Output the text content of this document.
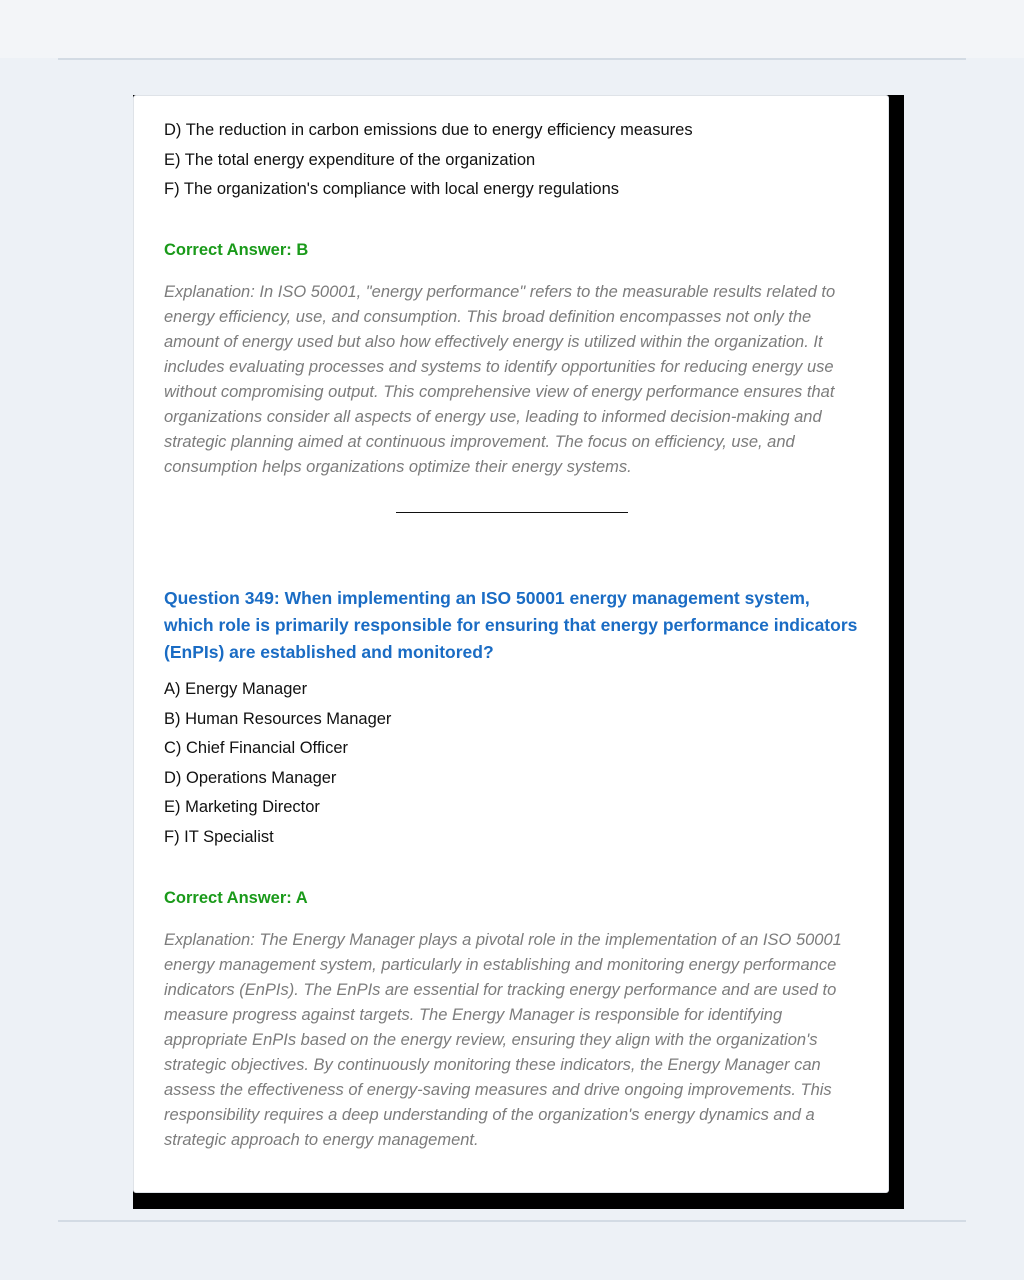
D) The reduction in carbon emissions due to energy efficiency measures
E) The total energy expenditure of the organization
F) The organization's compliance with local energy regulations
Correct Answer: B

Explanation: In ISO 50001, "energy performance" refers to the measurable results related to energy efficiency, use, and consumption. This broad definition encompasses not only the amount of energy used but also how effectively energy is utilized within the organization. It includes evaluating processes and systems to identify opportunities for reducing energy use without compromising output. This comprehensive view of energy performance ensures that organizations consider all aspects of energy use, leading to informed decision-making and strategic planning aimed at continuous improvement. The focus on efficiency, use, and consumption helps organizations optimize their energy systems.

Question 349: When implementing an ISO 50001 energy management system, which role is primarily responsible for ensuring that energy performance indicators (EnPIs) are established and monitored?

A) Energy Manager
B) Human Resources Manager
C) Chief Financial Officer
D) Operations Manager
E) Marketing Director
F) IT Specialist
Correct Answer: A

Explanation: The Energy Manager plays a pivotal role in the implementation of an ISO 50001 energy management system, particularly in establishing and monitoring energy performance indicators (EnPIs). The EnPIs are essential for tracking energy performance and are used to measure progress against targets. The Energy Manager is responsible for identifying appropriate EnPIs based on the energy review, ensuring they align with the organization's strategic objectives. By continuously monitoring these indicators, the Energy Manager can assess the effectiveness of energy-saving measures and drive ongoing improvements. This responsibility requires a deep understanding of the organization's energy dynamics and a strategic approach to energy management.
